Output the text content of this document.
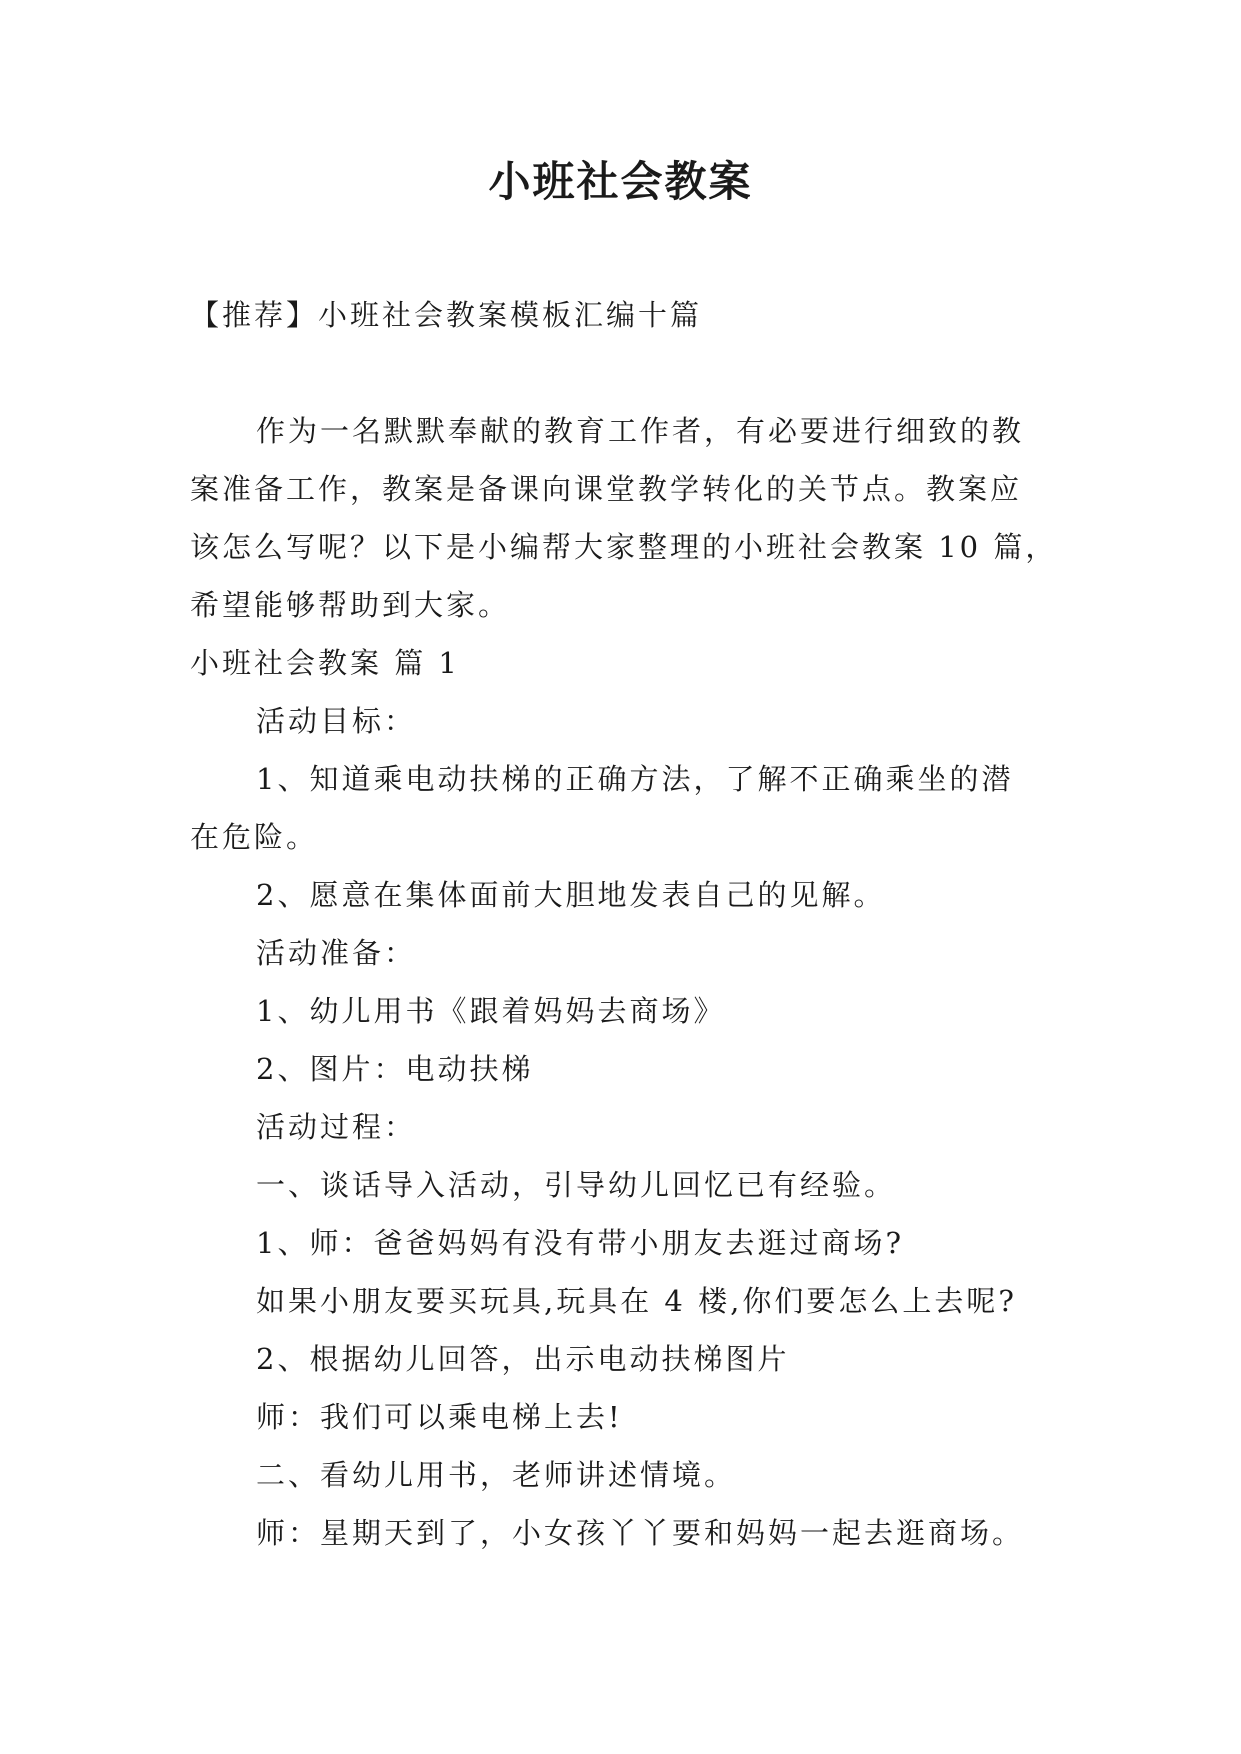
小班社会教案

【推荐】小班社会教案模板汇编十篇

作为一名默默奉献的教育工作者，有必要进行细致的教

案准备工作，教案是备课向课堂教学转化的关节点。教案应

该怎么写呢？以下是小编帮大家整理的小班社会教案 10 篇，

希望能够帮助到大家。

小班社会教案 篇 1

活动目标：

1、知道乘电动扶梯的正确方法，了解不正确乘坐的潜

在危险。

2、愿意在集体面前大胆地发表自己的见解。

活动准备：

1、幼儿用书《跟着妈妈去商场》

2、图片：电动扶梯

活动过程：

一、谈话导入活动，引导幼儿回忆已有经验。

1、师：爸爸妈妈有没有带小朋友去逛过商场?

如果小朋友要买玩具,玩具在 4 楼,你们要怎么上去呢?

2、根据幼儿回答，出示电动扶梯图片

师：我们可以乘电梯上去!

二、看幼儿用书，老师讲述情境。

师：星期天到了，小女孩丫丫要和妈妈一起去逛商场。
